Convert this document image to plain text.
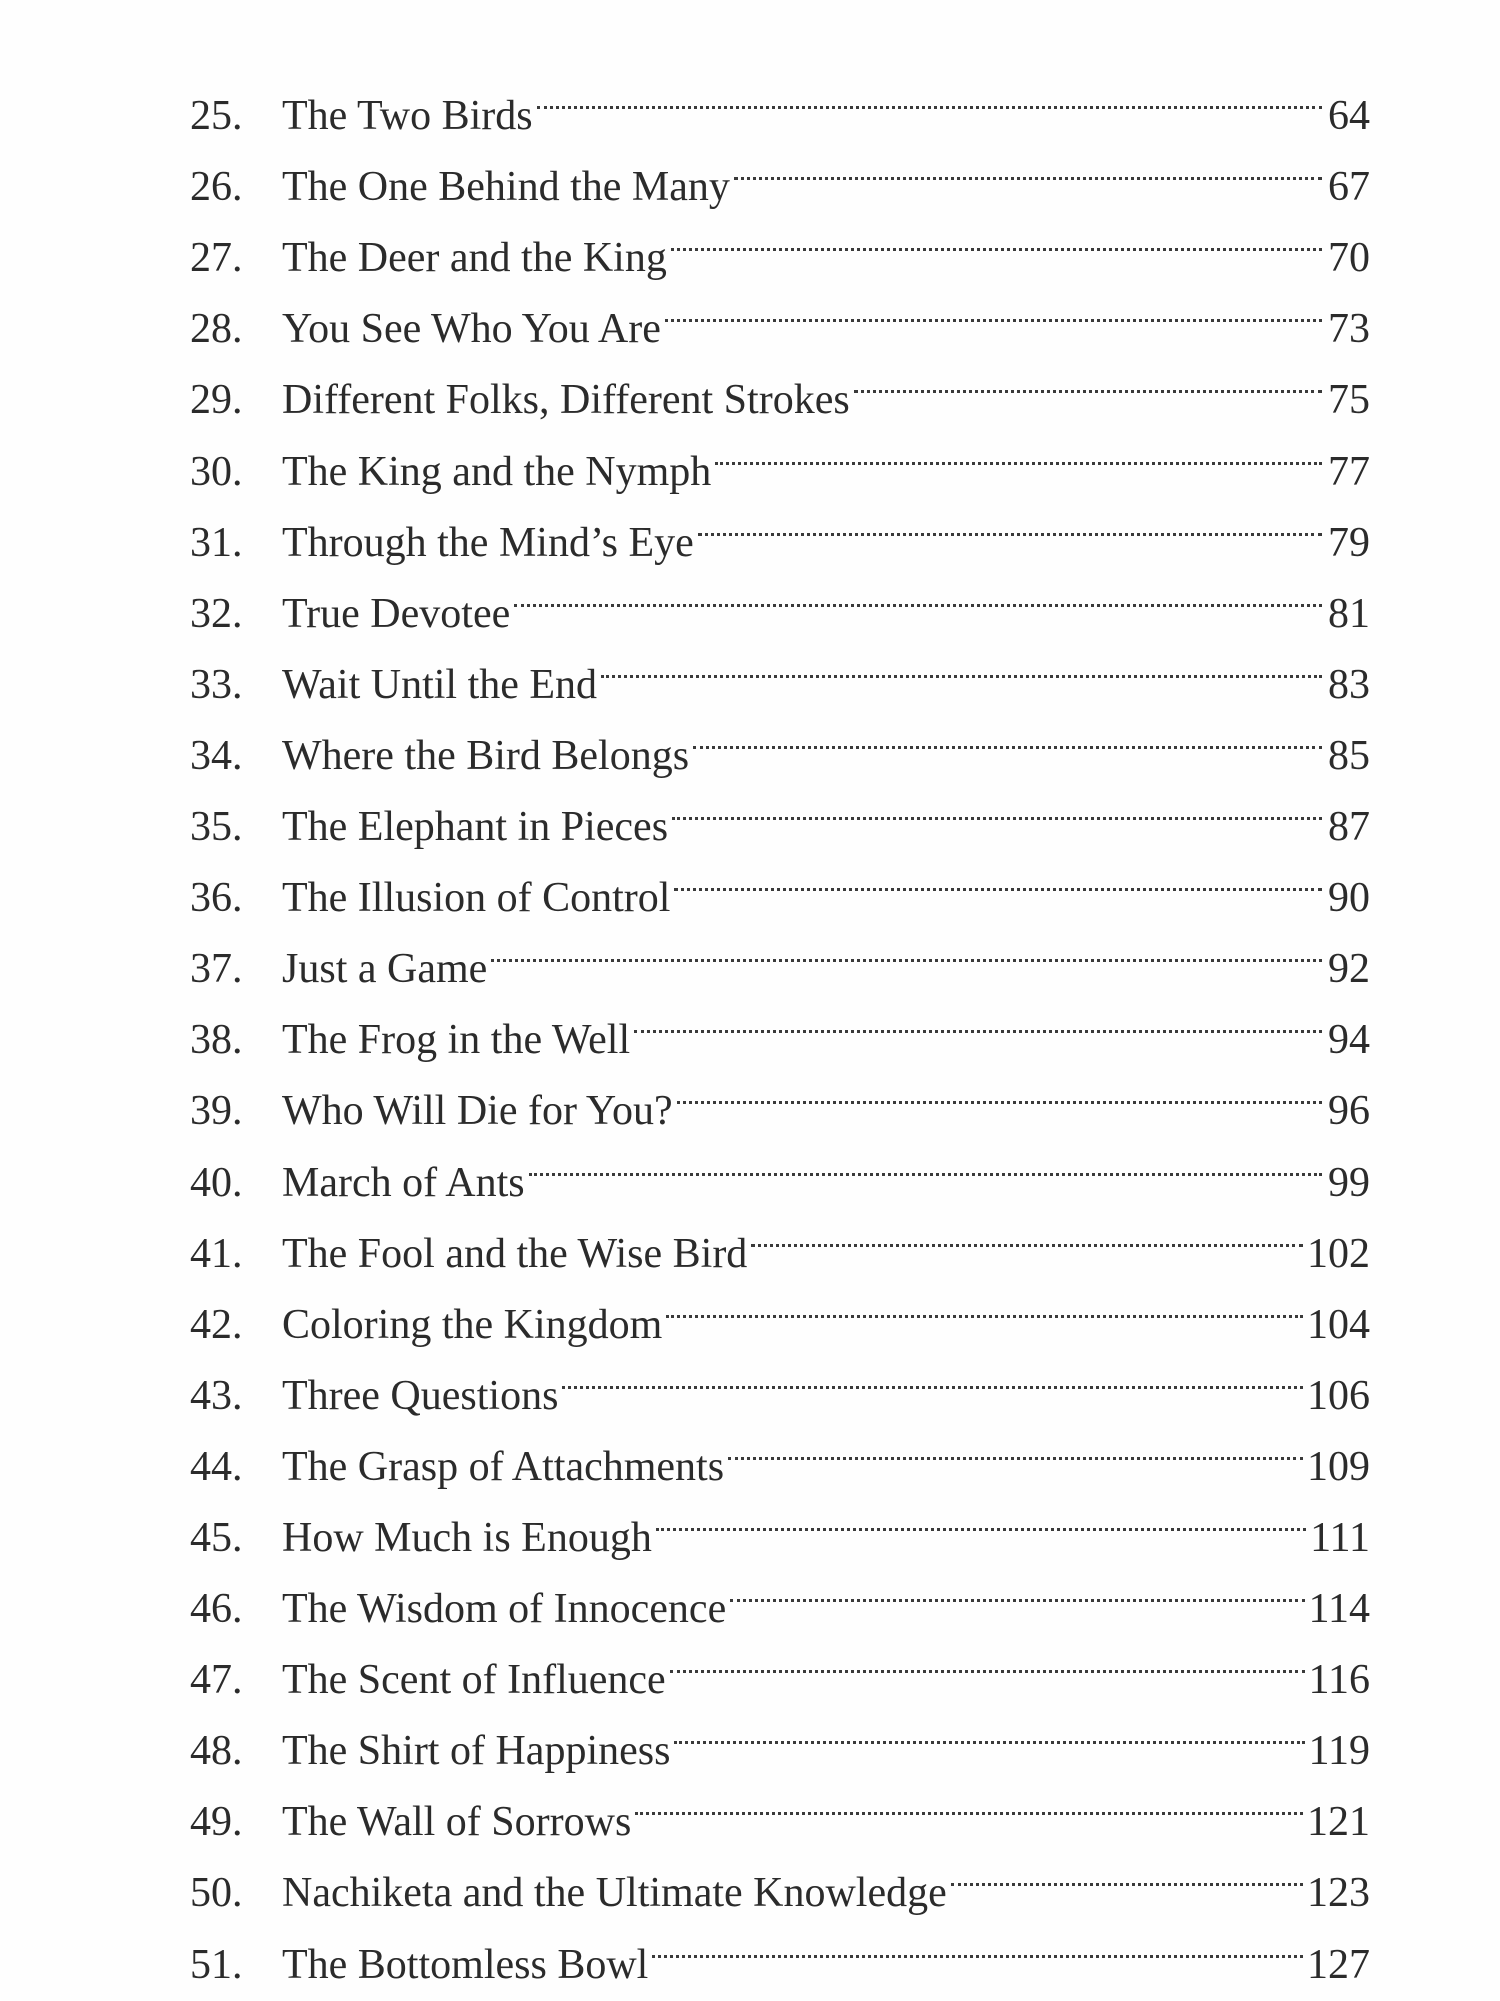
25. The Two Birds	64
26. The One Behind the Many	67
27. The Deer and the King	70
28. You See Who You Are	73
29. Different Folks, Different Strokes	75
30. The King and the Nymph	77
31. Through the Mind’s Eye	79
32. True Devotee	81
33. Wait Until the End	83
34. Where the Bird Belongs	85
35. The Elephant in Pieces	87
36. The Illusion of Control	90
37. Just a Game	92
38. The Frog in the Well	94
39. Who Will Die for You?	96
40. March of Ants	99
41. The Fool and the Wise Bird	102
42. Coloring the Kingdom	104
43. Three Questions	106
44. The Grasp of Attachments	109
45. How Much is Enough	111
46. The Wisdom of Innocence	114
47. The Scent of Influence	116
48. The Shirt of Happiness	119
49. The Wall of Sorrows	121
50. Nachiketa and the Ultimate Knowledge	123
51. The Bottomless Bowl	127
